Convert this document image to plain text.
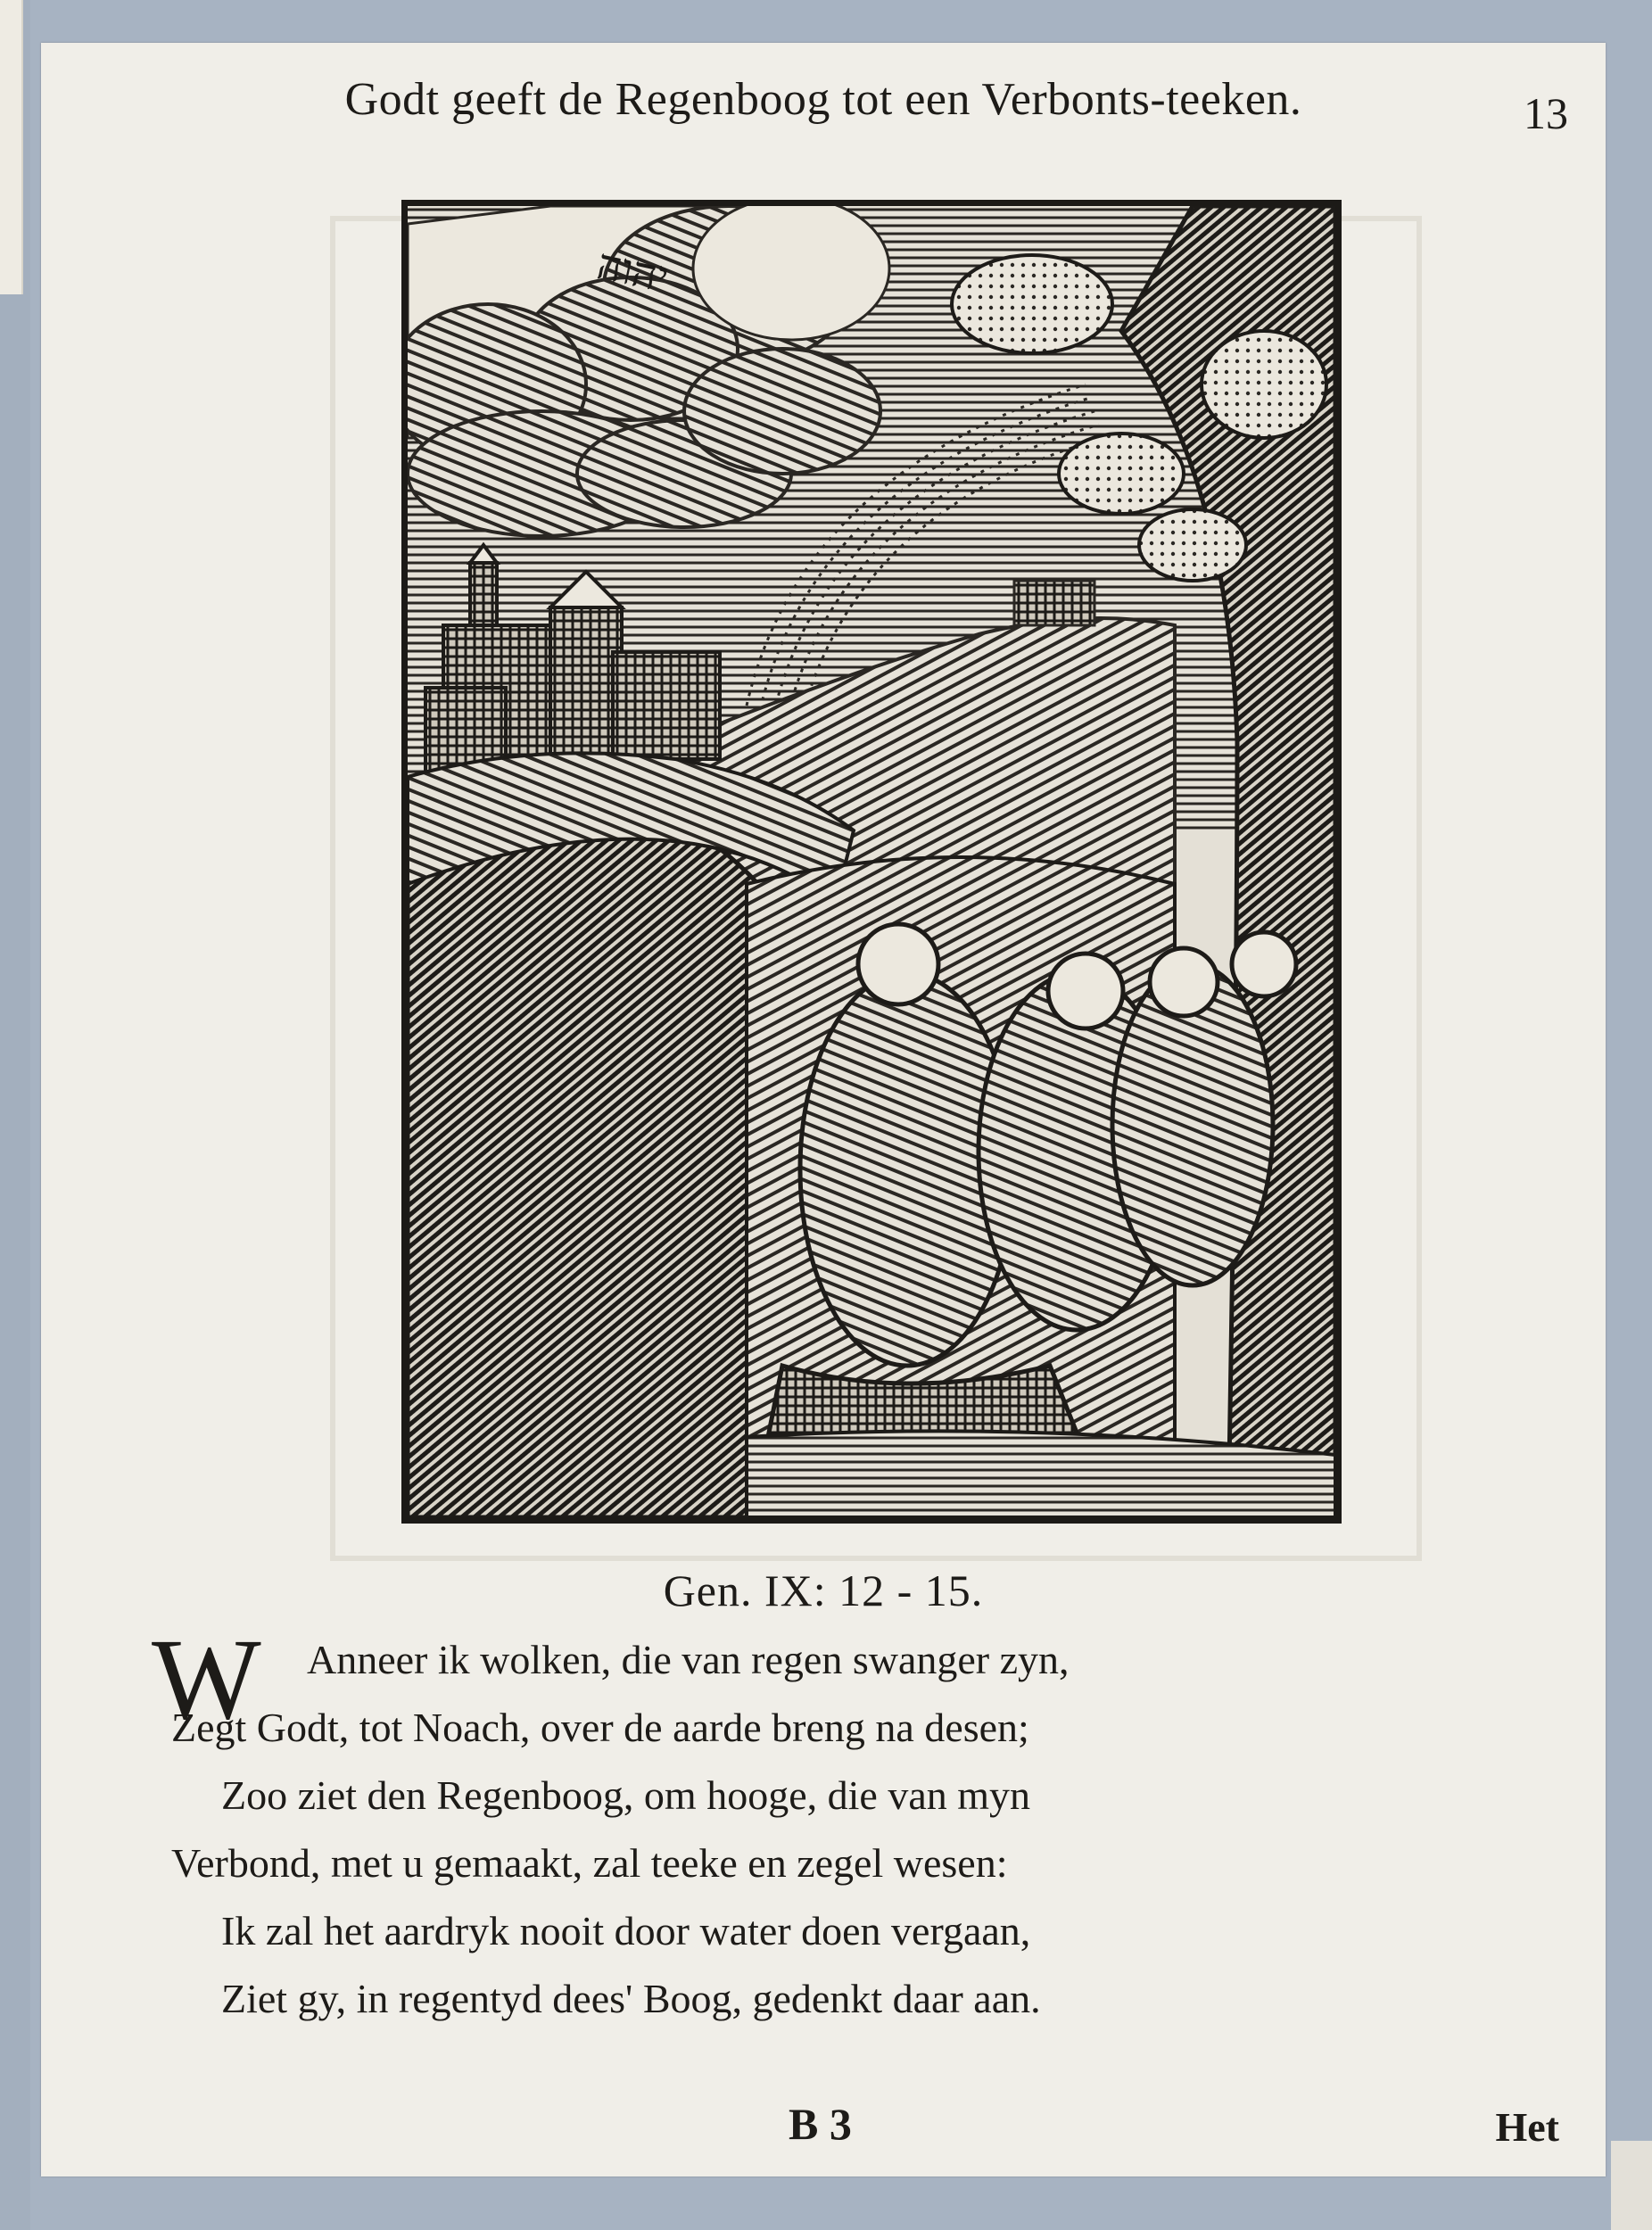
Godt geeft de Regenboog tot een Verbonts-teeken.	13
יהוה
Gen. IX: 12 - 15.
W Anneer ik wolken, die van regen swanger zyn,
Zegt Godt, tot Noach, over de aarde breng na desen;
Zoo ziet den Regenboog, om hooge, die van myn
Verbond, met u gemaakt, zal teeke en zegel wesen:
Ik zal het aardryk nooit door water doen vergaan,
Ziet gy, in regentyd dees' Boog, gedenkt daar aan.
B 3	Het
